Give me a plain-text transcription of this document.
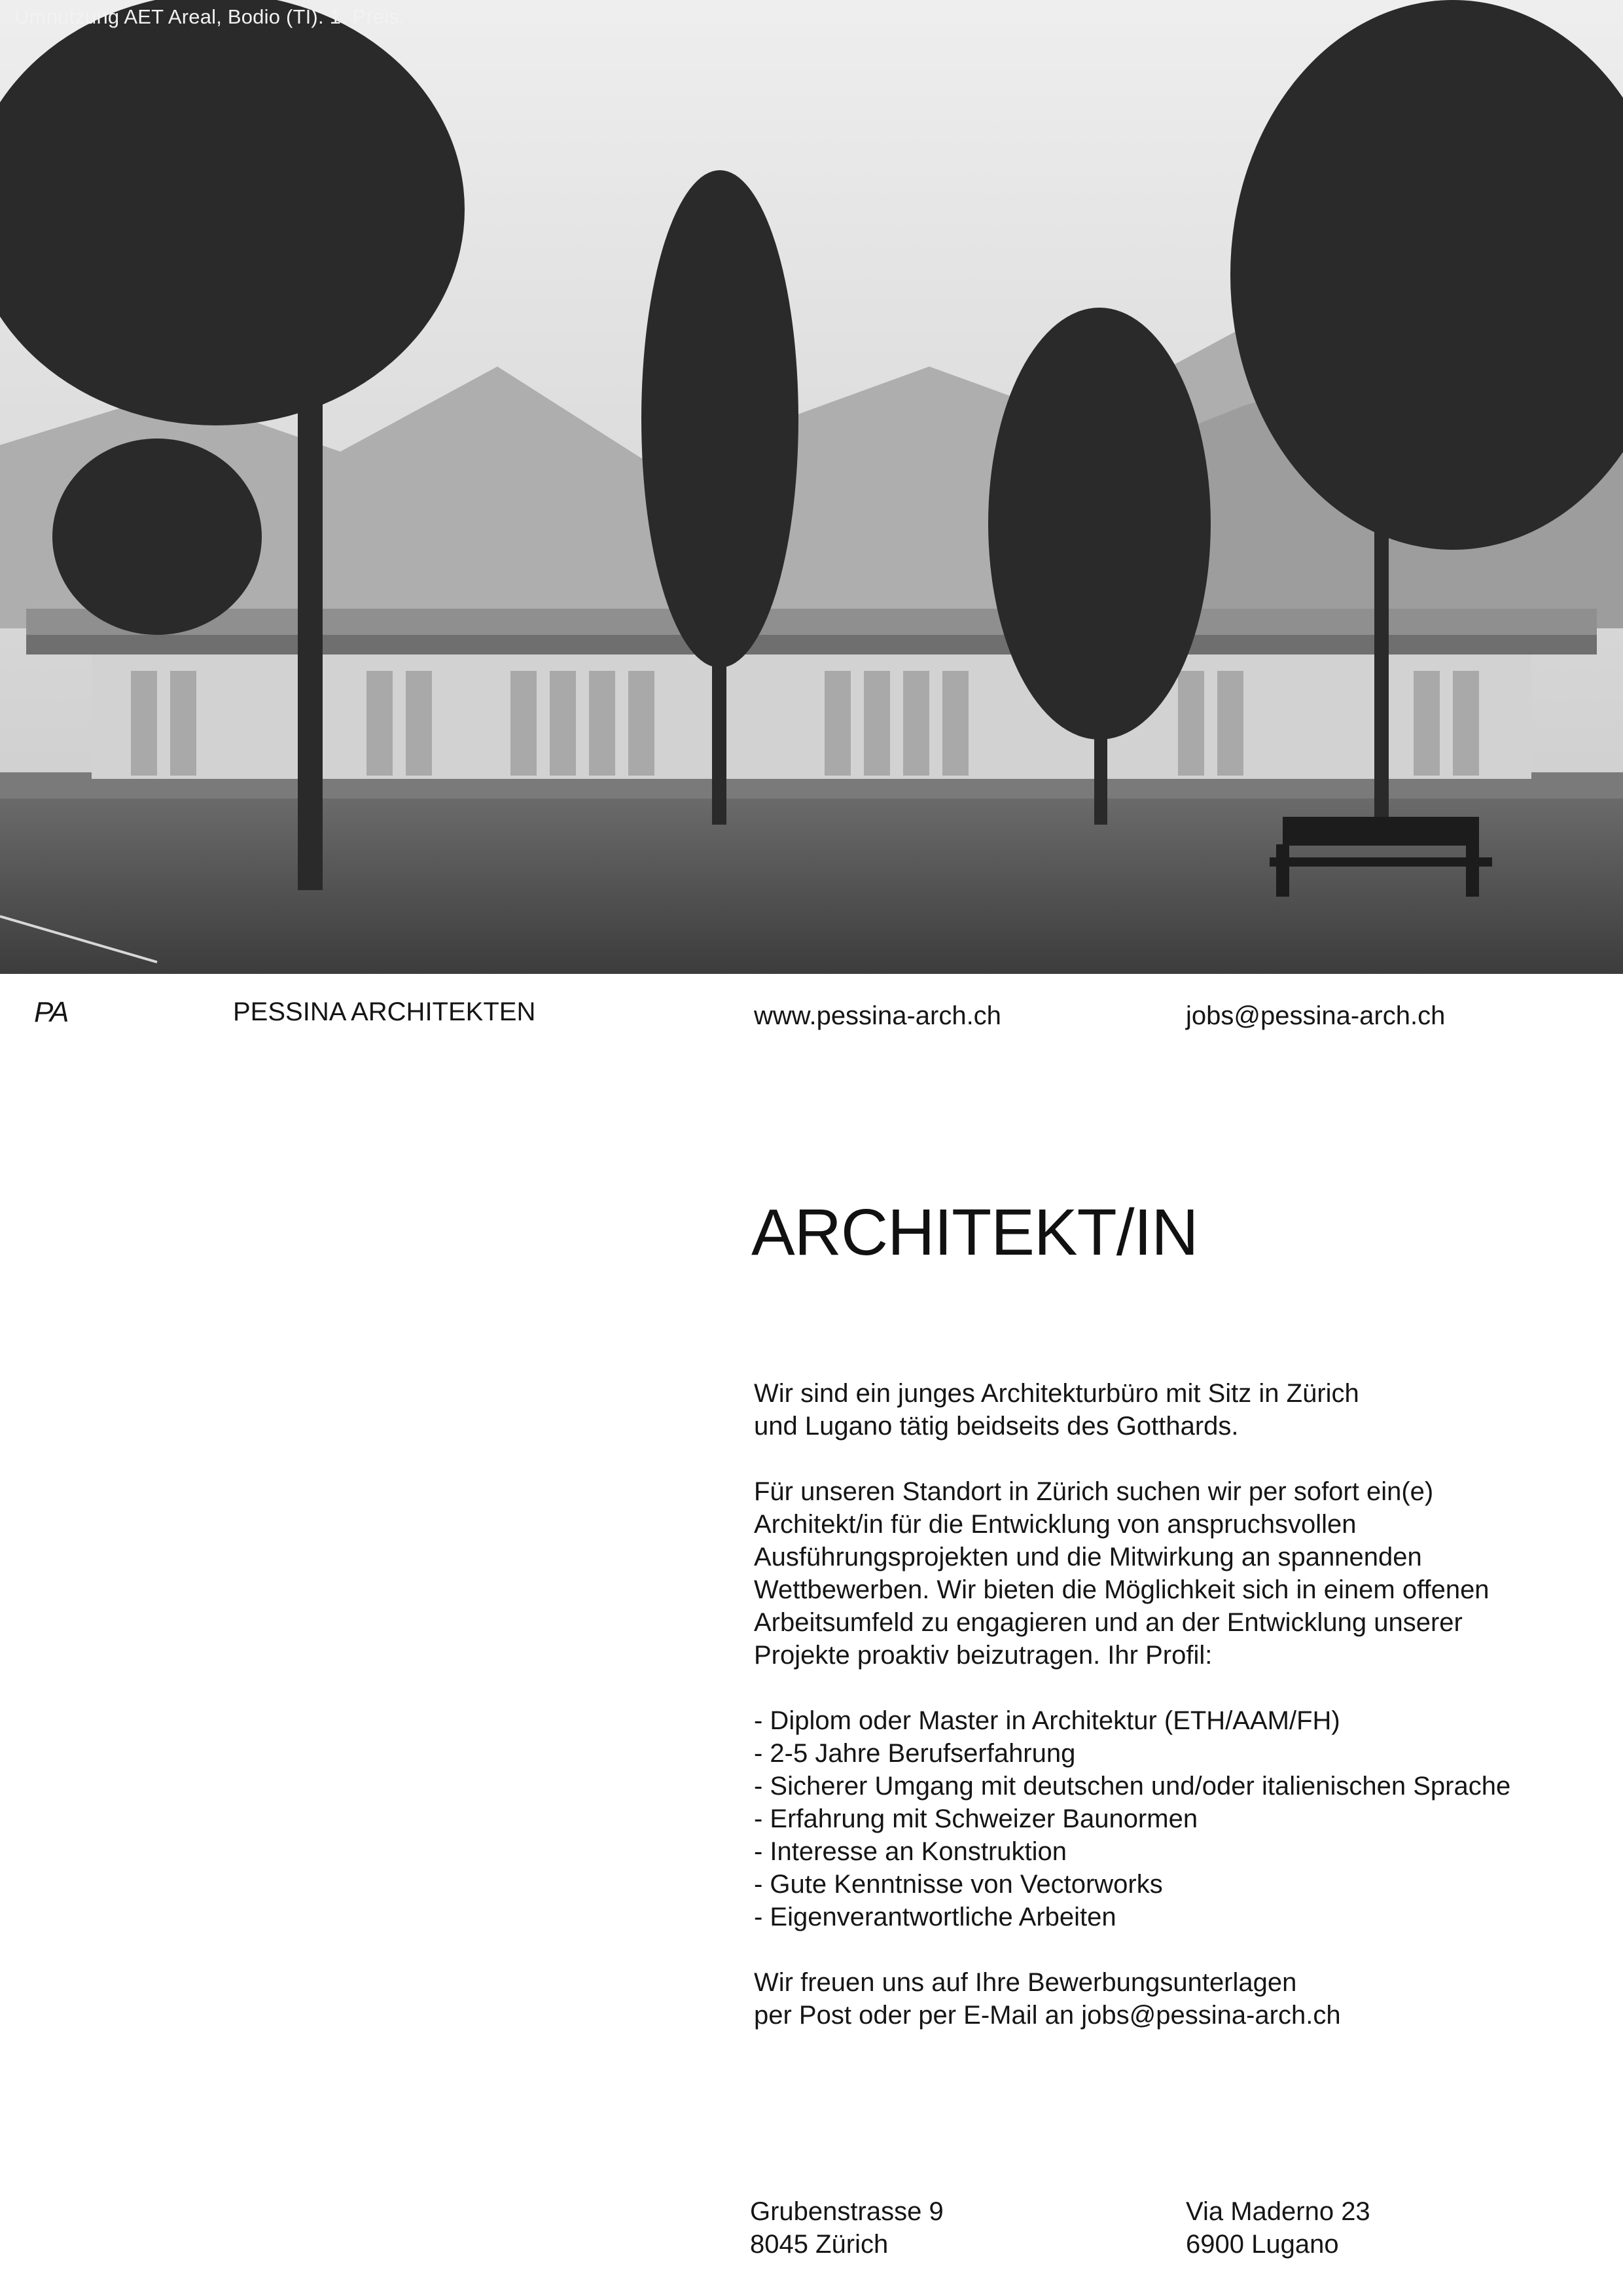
Umnutzung AET Areal, Bodio (TI). 1. Preis.
PA	PESSINA ARCHITEKTEN	www.pessina-arch.ch	jobs@pessina-arch.ch
ARCHITEKT/IN

Wir sind ein junges Architekturbüro mit Sitz in Zürich
und Lugano tätig beidseits des Gotthards.

Für unseren Standort in Zürich suchen wir per sofort ein(e)
Architekt/in für die Entwicklung von anspruchsvollen
Ausführungsprojekten und die Mitwirkung an spannenden
Wettbewerben. Wir bieten die Möglichkeit sich in einem offenen
Arbeitsumfeld zu engagieren und an der Entwicklung unserer
Projekte proaktiv beizutragen. Ihr Profil:

- Diplom oder Master in Architektur (ETH/AAM/FH)
- 2-5 Jahre Berufserfahrung
- Sicherer Umgang mit deutschen und/oder italienischen Sprache
- Erfahrung mit Schweizer Baunormen
- Interesse an Konstruktion
- Gute Kenntnisse von Vectorworks
- Eigenverantwortliche Arbeiten

Wir freuen uns auf Ihre Bewerbungsunterlagen
per Post oder per E-Mail an jobs@pessina-arch.ch

Grubenstrasse 9
8045 Zürich
Via Maderno 23
6900 Lugano
